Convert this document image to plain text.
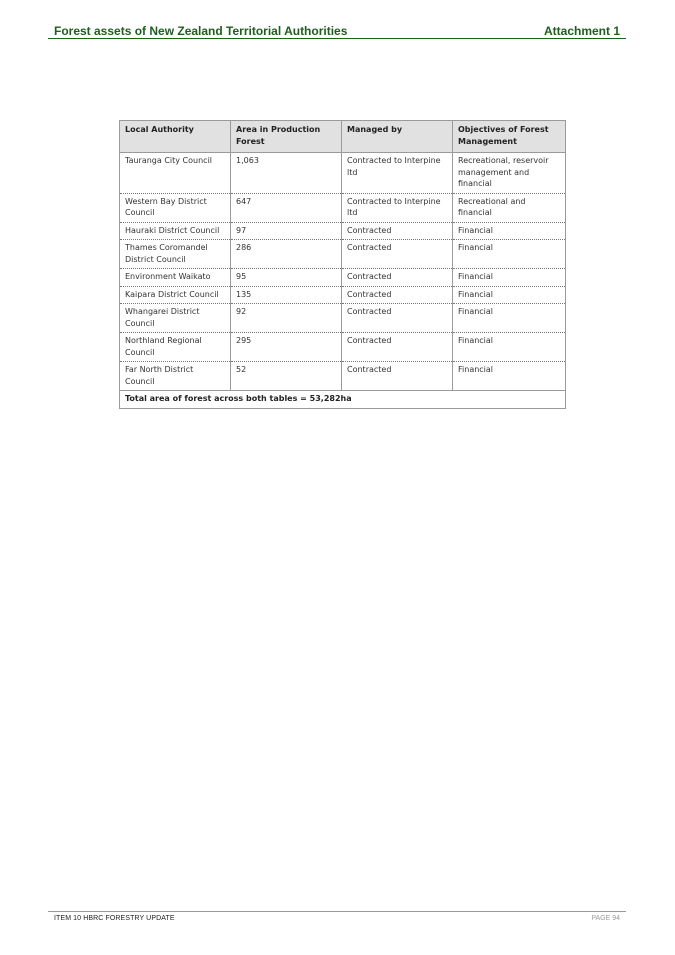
Forest assets of New Zealand Territorial Authorities	Attachment 1
Local Authority	Area in Production Forest	Managed by	Objectives of Forest Management
Tauranga City Council	1,063	Contracted to Interpine ltd	Recreational, reservoir management and financial
Western Bay District Council	647	Contracted to Interpine ltd	Recreational and financial
Hauraki District Council	97	Contracted	Financial
Thames Coromandel District Council	286	Contracted	Financial
Environment Waikato	95	Contracted	Financial
Kaipara District Council	135	Contracted	Financial
Whangarei District Council	92	Contracted	Financial
Northland Regional Council	295	Contracted	Financial
Far North District Council	52	Contracted	Financial
Total area of forest across both tables = 53,282ha			
ITEM 10 HBRC FORESTRY UPDATE	PAGE 94
